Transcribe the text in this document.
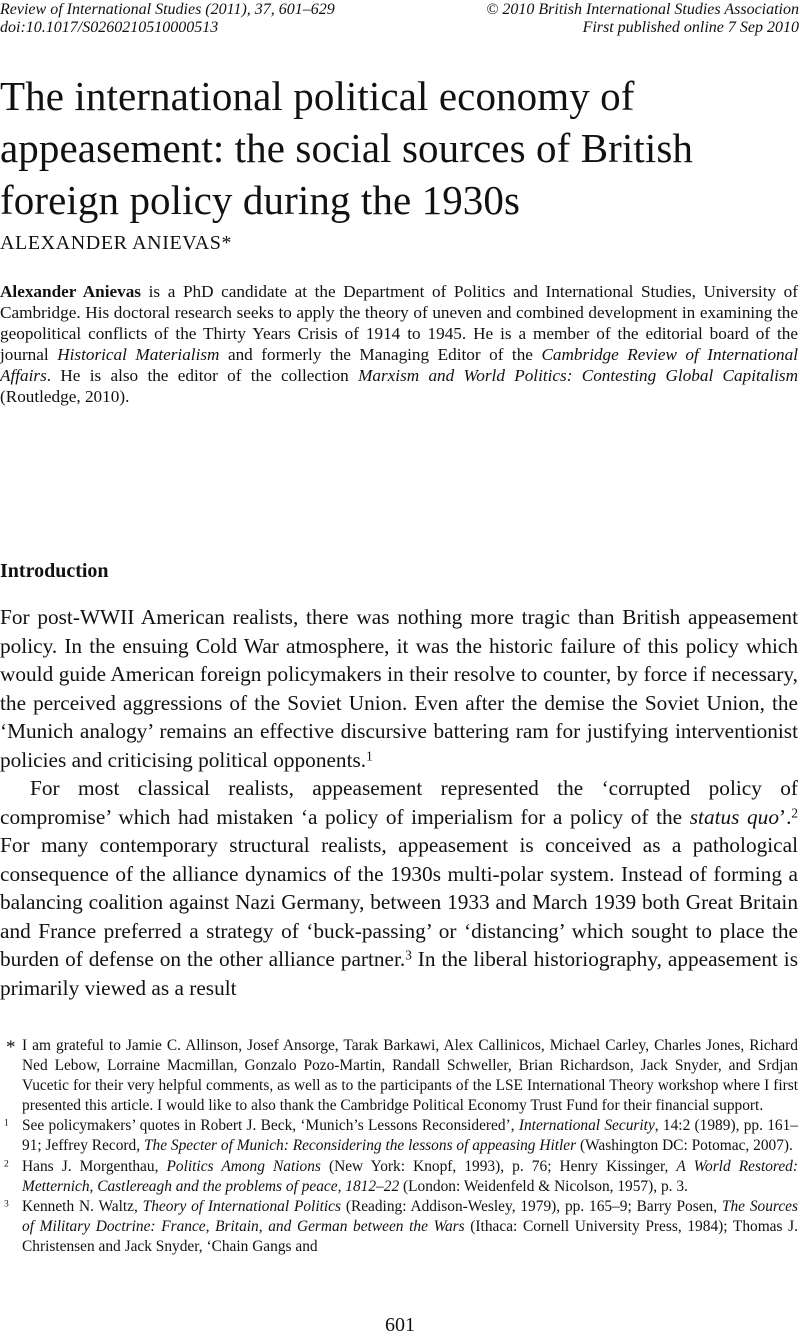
Review of International Studies (2011), 37, 601–629	© 2010 British International Studies Association
doi:10.1017/S0260210510000513	First published online 7 Sep 2010
The international political economy of appeasement: the social sources of British foreign policy during the 1930s
ALEXANDER ANIEVAS*

Alexander Anievas is a PhD candidate at the Department of Politics and International Studies, University of Cambridge. His doctoral research seeks to apply the theory of uneven and combined development in examining the geopolitical conflicts of the Thirty Years Crisis of 1914 to 1945. He is a member of the editorial board of the journal Historical Materialism and formerly the Managing Editor of the Cambridge Review of International Affairs. He is also the editor of the collection Marxism and World Politics: Contesting Global Capitalism (Routledge, 2010).

Introduction

For post-WWII American realists, there was nothing more tragic than British appeasement policy. In the ensuing Cold War atmosphere, it was the historic failure of this policy which would guide American foreign policymakers in their resolve to counter, by force if necessary, the perceived aggressions of the Soviet Union. Even after the demise the Soviet Union, the ‘Munich analogy’ remains an effective discursive battering ram for justifying interventionist policies and criticising political opponents.$^1$

For most classical realists, appeasement represented the ‘corrupted policy of compromise’ which had mistaken ‘a policy of imperialism for a policy of the status quo’.$^2$ For many contemporary structural realists, appeasement is conceived as a pathological consequence of the alliance dynamics of the 1930s multi-polar system. Instead of forming a balancing coalition against Nazi Germany, between 1933 and March 1939 both Great Britain and France preferred a strategy of ‘buck-passing’ or ‘distancing’ which sought to place the burden of defense on the other alliance partner.$^3$ In the liberal historiography, appeasement is primarily viewed as a result

* I am grateful to Jamie C. Allinson, Josef Ansorge, Tarak Barkawi, Alex Callinicos, Michael Carley, Charles Jones, Richard Ned Lebow, Lorraine Macmillan, Gonzalo Pozo-Martin, Randall Schweller, Brian Richardson, Jack Snyder, and Srdjan Vucetic for their very helpful comments, as well as to the participants of the LSE International Theory workshop where I first presented this article. I would like to also thank the Cambridge Political Economy Trust Fund for their financial support.

$^1$ See policymakers’ quotes in Robert J. Beck, ‘Munich’s Lessons Reconsidered’, International Security, 14:2 (1989), pp. 161–91; Jeffrey Record, The Specter of Munich: Reconsidering the lessons of appeasing Hitler (Washington DC: Potomac, 2007).

$^2$ Hans J. Morgenthau, Politics Among Nations (New York: Knopf, 1993), p. 76; Henry Kissinger, A World Restored: Metternich, Castlereagh and the problems of peace, 1812–22 (London: Weidenfeld & Nicolson, 1957), p. 3.

$^3$ Kenneth N. Waltz, Theory of International Politics (Reading: Addison-Wesley, 1979), pp. 165–9; Barry Posen, The Sources of Military Doctrine: France, Britain, and German between the Wars (Ithaca: Cornell University Press, 1984); Thomas J. Christensen and Jack Snyder, ‘Chain Gangs and

601
